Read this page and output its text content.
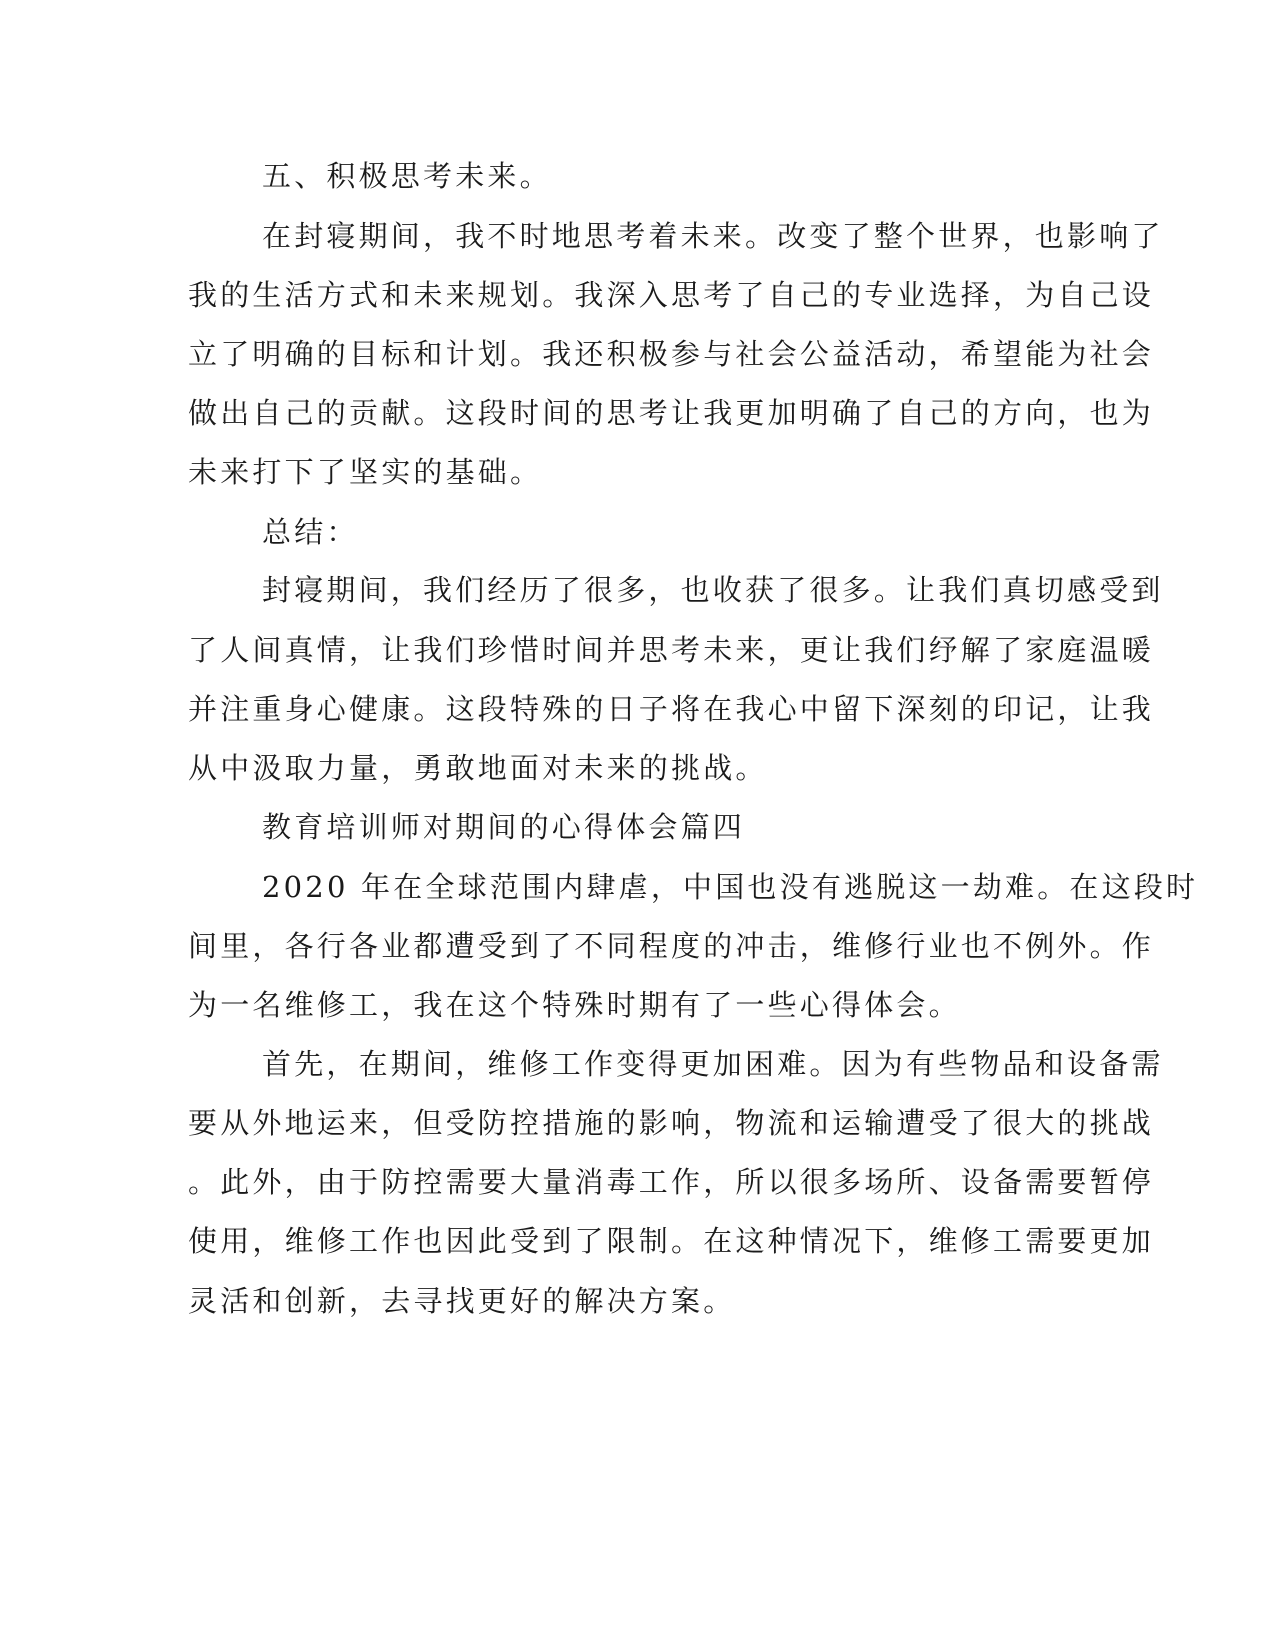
五、积极思考未来。
在封寝期间，我不时地思考着未来。改变了整个世界，也影响了
我的生活方式和未来规划。我深入思考了自己的专业选择，为自己设
立了明确的目标和计划。我还积极参与社会公益活动，希望能为社会
做出自己的贡献。这段时间的思考让我更加明确了自己的方向，也为
未来打下了坚实的基础。
总结：
封寝期间，我们经历了很多，也收获了很多。让我们真切感受到
了人间真情，让我们珍惜时间并思考未来，更让我们纾解了家庭温暖
并注重身心健康。这段特殊的日子将在我心中留下深刻的印记，让我
从中汲取力量，勇敢地面对未来的挑战。
教育培训师对期间的心得体会篇四
2020 年在全球范围内肆虐，中国也没有逃脱这一劫难。在这段时
间里，各行各业都遭受到了不同程度的冲击，维修行业也不例外。作
为一名维修工，我在这个特殊时期有了一些心得体会。
首先，在期间，维修工作变得更加困难。因为有些物品和设备需
要从外地运来，但受防控措施的影响，物流和运输遭受了很大的挑战
。此外，由于防控需要大量消毒工作，所以很多场所、设备需要暂停
使用，维修工作也因此受到了限制。在这种情况下，维修工需要更加
灵活和创新，去寻找更好的解决方案。
